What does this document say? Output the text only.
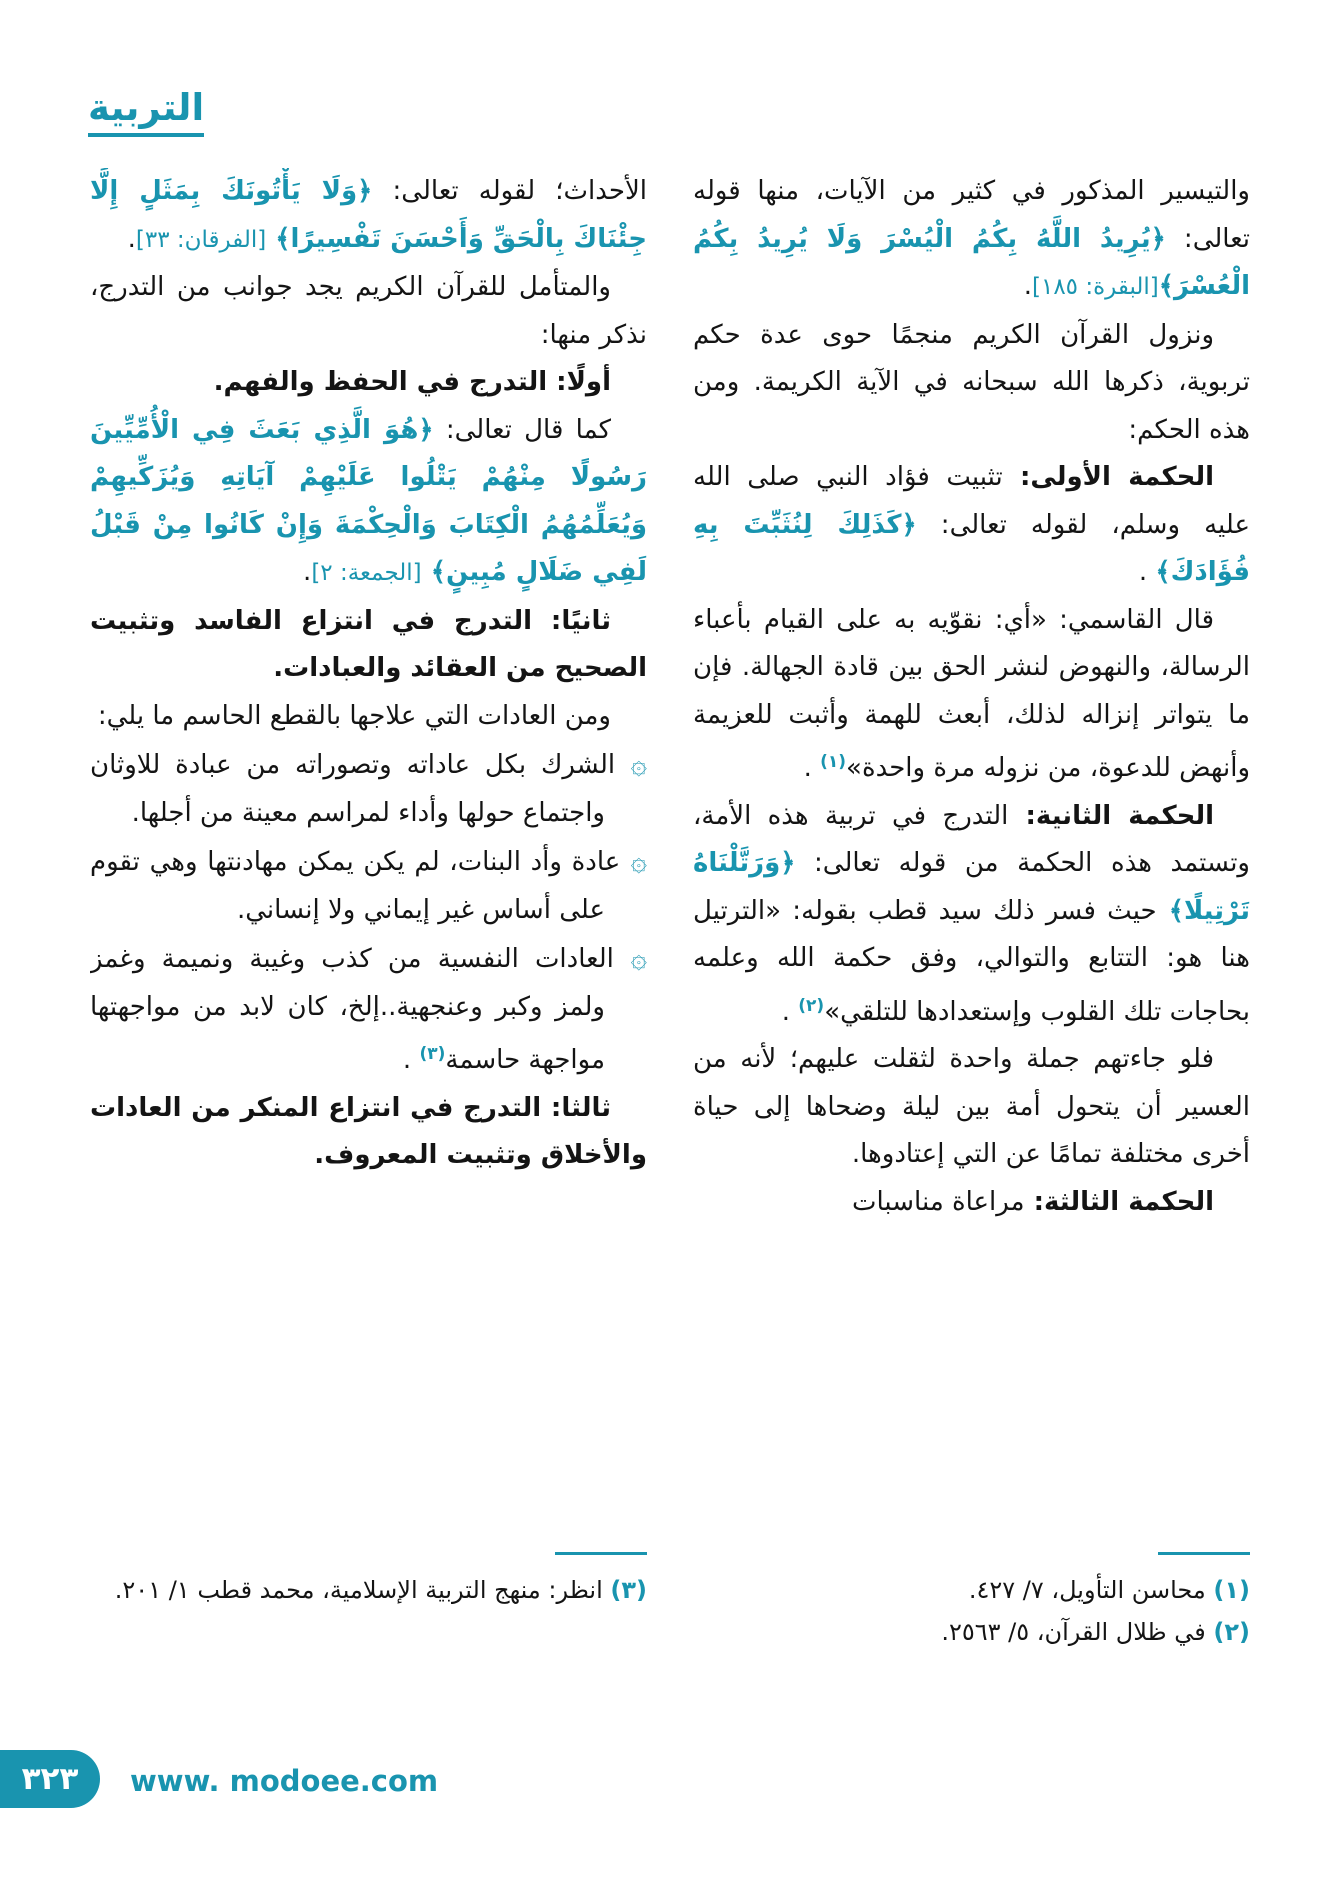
التربية

والتيسير المذكور في كثير من الآيات، منها قوله تعالى: ﴿يُرِيدُ اللَّهُ بِكُمُ الْيُسْرَ وَلَا يُرِيدُ بِكُمُ الْعُسْرَ﴾[البقرة: ١٨٥].

ونزول القرآن الكريم منجمًا حوى عدة حكم تربوية، ذكرها الله سبحانه في الآية الكريمة. ومن هذه الحكم:

الحكمة الأولى: تثبيت فؤاد النبي صلى الله عليه وسلم، لقوله تعالى: ﴿كَذَلِكَ لِنُثَبِّتَ بِهِ فُؤَادَكَ﴾ .

قال القاسمي: «أي: نقوّيه به على القيام بأعباء الرسالة، والنهوض لنشر الحق بين قادة الجهالة. فإن ما يتواتر إنزاله لذلك، أبعث للهمة وأثبت للعزيمة وأنهض للدعوة، من نزوله مرة واحدة»$^{(١)}$ .

الحكمة الثانية: التدرج في تربية هذه الأمة، وتستمد هذه الحكمة من قوله تعالى: ﴿وَرَتَّلْنَاهُ تَرْتِيلًا﴾ حيث فسر ذلك سيد قطب بقوله: «الترتيل هنا هو: التتابع والتوالي، وفق حكمة الله وعلمه بحاجات تلك القلوب وإستعدادها للتلقي»$^{(٢)}$ .

فلو جاءتهم جملة واحدة لثقلت عليهم؛ لأنه من العسير أن يتحول أمة بين ليلة وضحاها إلى حياة أخرى مختلفة تمامًا عن التي إعتادوها.

الحكمة الثالثة: مراعاة مناسبات

الأحداث؛ لقوله تعالى: ﴿وَلَا يَأْتُونَكَ بِمَثَلٍ إِلَّا جِئْنَاكَ بِالْحَقِّ وَأَحْسَنَ تَفْسِيرًا﴾ [الفرقان: ٣٣].

والمتأمل للقرآن الكريم يجد جوانب من التدرج، نذكر منها:

أولًا: التدرج في الحفظ والفهم.

كما قال تعالى: ﴿هُوَ الَّذِي بَعَثَ فِي الْأُمِّيِّينَ رَسُولًا مِنْهُمْ يَتْلُوا عَلَيْهِمْ آيَاتِهِ وَيُزَكِّيهِمْ وَيُعَلِّمُهُمُ الْكِتَابَ وَالْحِكْمَةَ وَإِنْ كَانُوا مِنْ قَبْلُ لَفِي ضَلَالٍ مُبِينٍ﴾ [الجمعة: ٢].

ثانيًا: التدرج في انتزاع الفاسد وتثبيت الصحيح من العقائد والعبادات.

ومن العادات التي علاجها بالقطع الحاسم ما يلي:

۞ الشرك بكل عاداته وتصوراته من عبادة للاوثان واجتماع حولها وأداء لمراسم معينة من أجلها.

۞ عادة وأد البنات، لم يكن يمكن مهادنتها وهي تقوم على أساس غير إيماني ولا إنساني.

۞ العادات النفسية من كذب وغيبة ونميمة وغمز ولمز وكبر وعنجهية..إلخ، كان لابد من مواجهتها مواجهة حاسمة$^{(٣)}$ .

ثالثا: التدرج في انتزاع المنكر من العادات والأخلاق وتثبيت المعروف.

(١) محاسن التأويل، ٧/ ٤٢٧.
(٢) في ظلال القرآن، ٥/ ٢٥٦٣.
(٣) انظر: منهج التربية الإسلامية، محمد قطب ١/ ٢٠١.
٣٢٣ www. modoee.com
